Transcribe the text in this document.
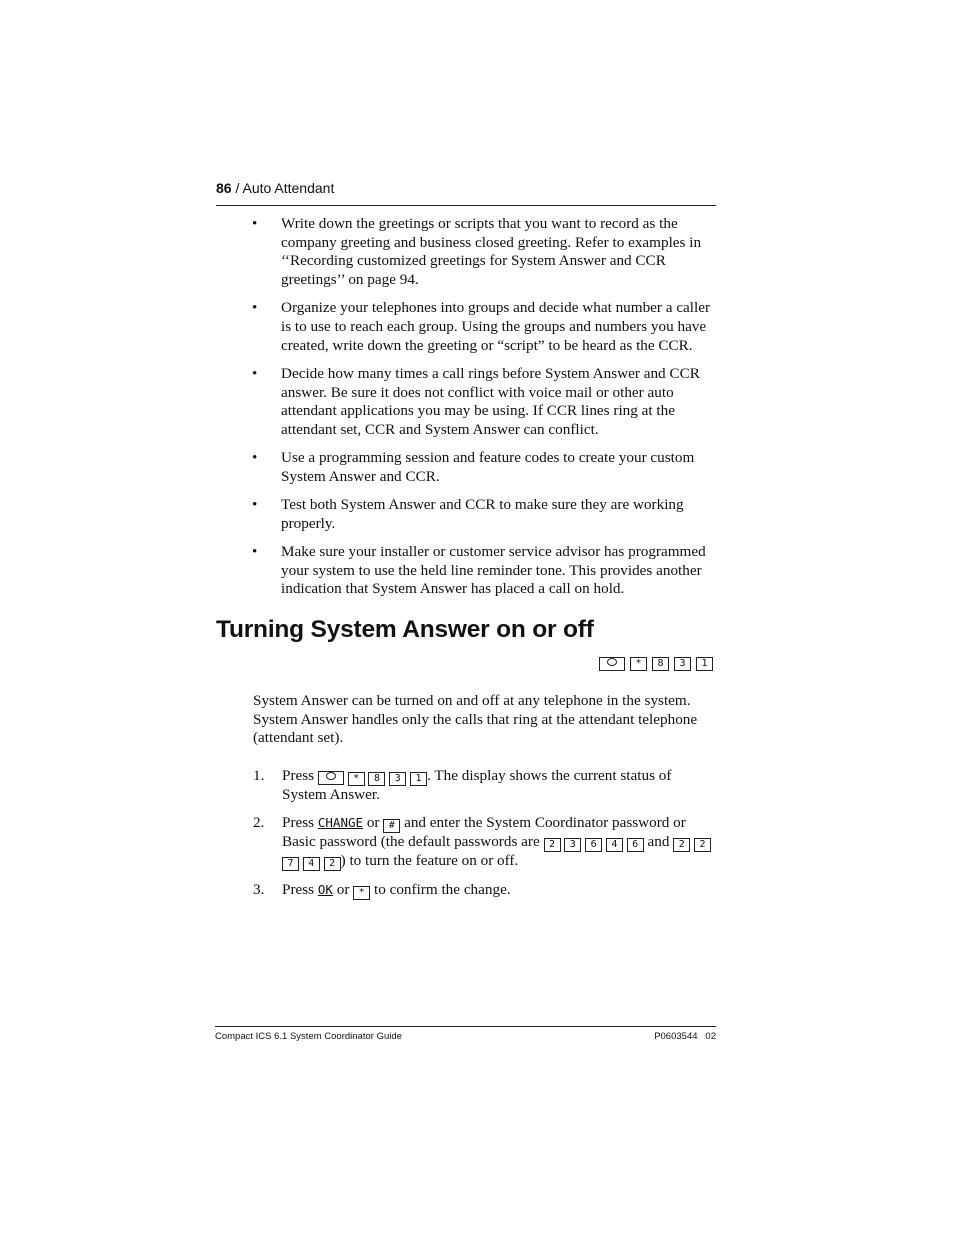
86 / Auto Attendant
• Write down the greetings or scripts that you want to record as the company greeting and business closed greeting. Refer to examples in ‘‘Recording customized greetings for System Answer and CCR greetings’’ on page 94.
• Organize your telephones into groups and decide what number a caller is to use to reach each group. Using the groups and numbers you have created, write down the greeting or “script” to be heard as the CCR.
• Decide how many times a call rings before System Answer and CCR answer. Be sure it does not conflict with voice mail or other auto attendant applications you may be using. If CCR lines ring at the attendant set, CCR and System Answer can conflict.
• Use a programming session and feature codes to create your custom System Answer and CCR.
• Test both System Answer and CCR to make sure they are working properly.
• Make sure your installer or customer service advisor has programmed your system to use the held line reminder tone. This provides another indication that System Answer has placed a call on hold.
Turning System Answer on or off
*	8	3	1

System Answer can be turned on and off at any telephone in the system. System Answer handles only the calls that ring at the attendant telephone (attendant set).

1. Press	* 8 3 1 . The display shows the current status of System Answer.
2. Press CHANGE or # and enter the System Coordinator password or Basic password (the default passwords are 2 3 6 4 6 and 2 2 7 4 2 ) to turn the feature on or off.
3. Press OK or * to confirm the change.
Compact ICS 6.1 System Coordinator Guide	P0603544   02
